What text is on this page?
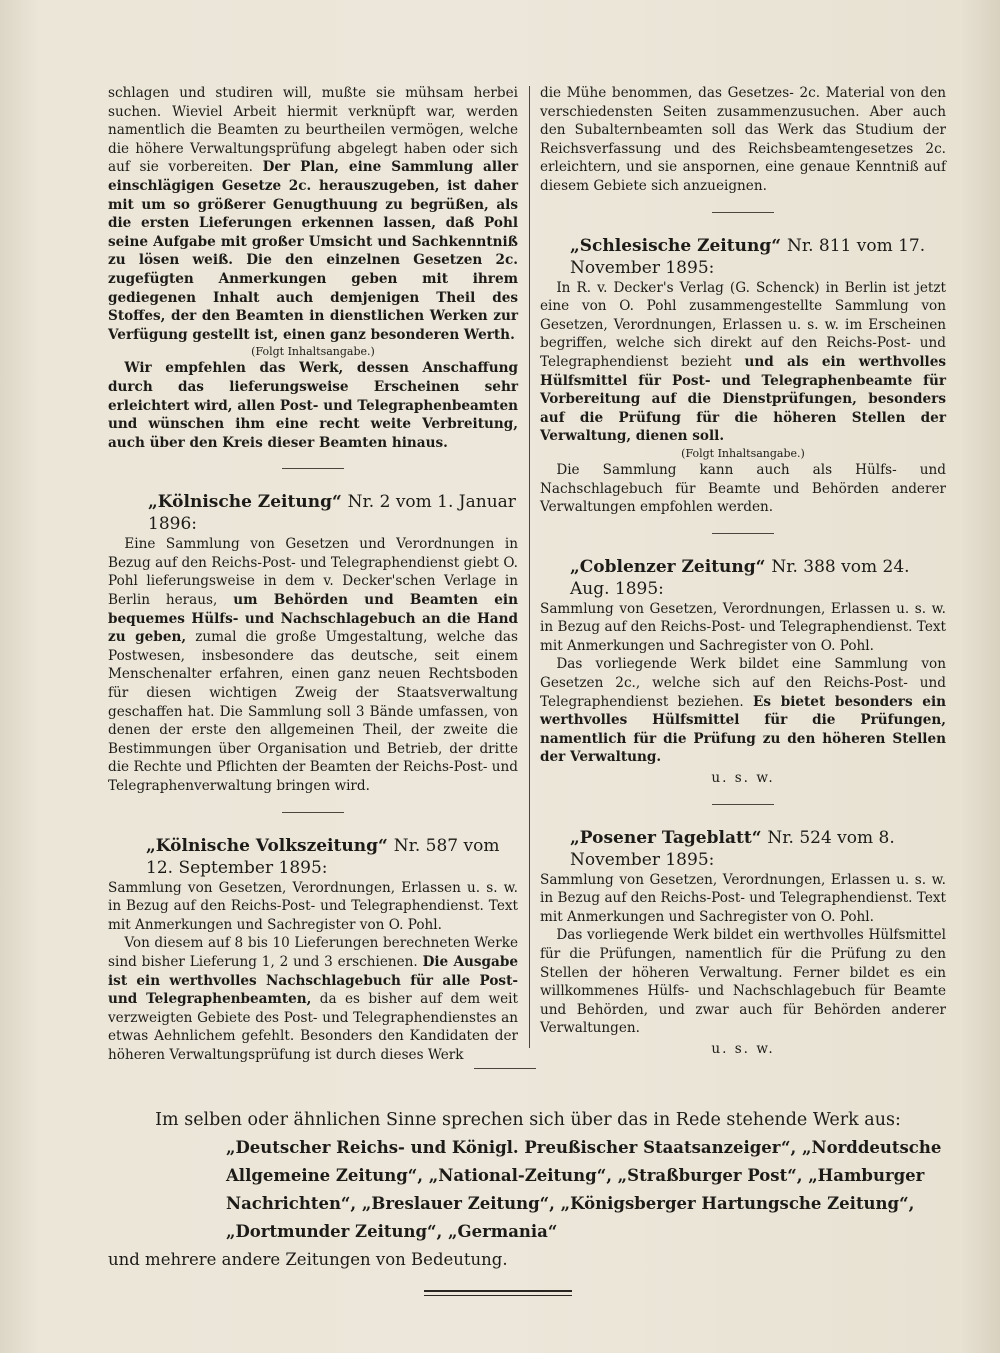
schlagen und studiren will, mußte sie mühsam herbei suchen. Wieviel Arbeit hiermit verknüpft war, werden namentlich die Beamten zu beurtheilen vermögen, welche die höhere Verwaltungsprüfung abgelegt haben oder sich auf sie vorbereiten. Der Plan, eine Sammlung aller einschlägigen Gesetze 2c. herauszugeben, ist daher mit um so größerer Genugthuung zu begrüßen, als die ersten Lieferungen erkennen lassen, daß Pohl seine Aufgabe mit großer Umsicht und Sachkenntniß zu lösen weiß. Die den einzelnen Gesetzen 2c. zugefügten Anmerkungen geben mit ihrem gediegenen Inhalt auch demjenigen Theil des Stoffes, der den Beamten in dienstlichen Werken zur Verfügung gestellt ist, einen ganz besonderen Werth.

(Folgt Inhaltsangabe.)

Wir empfehlen das Werk, dessen Anschaffung durch das lieferungsweise Erscheinen sehr erleichtert wird, allen Post- und Telegraphenbeamten und wünschen ihm eine recht weite Verbreitung, auch über den Kreis dieser Beamten hinaus.

„Kölnische Zeitung“ Nr. 2 vom 1. Januar 1896:

Eine Sammlung von Gesetzen und Verordnungen in Bezug auf den Reichs-Post- und Telegraphendienst giebt O. Pohl lieferungsweise in dem v. Decker'schen Verlage in Berlin heraus, um Behörden und Beamten ein bequemes Hülfs- und Nachschlagebuch an die Hand zu geben, zumal die große Umgestaltung, welche das Postwesen, insbesondere das deutsche, seit einem Menschenalter erfahren, einen ganz neuen Rechtsboden für diesen wichtigen Zweig der Staatsverwaltung geschaffen hat. Die Sammlung soll 3 Bände umfassen, von denen der erste den allgemeinen Theil, der zweite die Bestimmungen über Organisation und Betrieb, der dritte die Rechte und Pflichten der Beamten der Reichs-Post- und Telegraphenverwaltung bringen wird.

„Kölnische Volkszeitung“ Nr. 587 vom 12. September 1895:

Sammlung von Gesetzen, Verordnungen, Erlassen u. s. w. in Bezug auf den Reichs-Post- und Telegraphendienst. Text mit Anmerkungen und Sachregister von O. Pohl.

Von diesem auf 8 bis 10 Lieferungen berechneten Werke sind bisher Lieferung 1, 2 und 3 erschienen. Die Ausgabe ist ein werthvolles Nachschlagebuch für alle Post- und Telegraphenbeamten, da es bisher auf dem weit verzweigten Gebiete des Post- und Telegraphendienstes an etwas Aehnlichem gefehlt. Besonders den Kandidaten der höheren Verwaltungsprüfung ist durch dieses Werk

die Mühe benommen, das Gesetzes- 2c. Material von den verschiedensten Seiten zusammenzusuchen. Aber auch den Subalternbeamten soll das Werk das Studium der Reichsverfassung und des Reichsbeamtengesetzes 2c. erleichtern, und sie anspornen, eine genaue Kenntniß auf diesem Gebiete sich anzueignen.

„Schlesische Zeitung“ Nr. 811 vom 17. November 1895:

In R. v. Decker's Verlag (G. Schenck) in Berlin ist jetzt eine von O. Pohl zusammengestellte Sammlung von Gesetzen, Verordnungen, Erlassen u. s. w. im Erscheinen begriffen, welche sich direkt auf den Reichs-Post- und Telegraphendienst bezieht und als ein werthvolles Hülfsmittel für Post- und Telegraphenbeamte für Vorbereitung auf die Dienstprüfungen, besonders auf die Prüfung für die höheren Stellen der Verwaltung, dienen soll.

(Folgt Inhaltsangabe.)

Die Sammlung kann auch als Hülfs- und Nachschlagebuch für Beamte und Behörden anderer Verwaltungen empfohlen werden.

„Coblenzer Zeitung“ Nr. 388 vom 24. Aug. 1895:

Sammlung von Gesetzen, Verordnungen, Erlassen u. s. w. in Bezug auf den Reichs-Post- und Telegraphendienst. Text mit Anmerkungen und Sachregister von O. Pohl.

Das vorliegende Werk bildet eine Sammlung von Gesetzen 2c., welche sich auf den Reichs-Post- und Telegraphendienst beziehen. Es bietet besonders ein werthvolles Hülfsmittel für die Prüfungen, namentlich für die Prüfung zu den höheren Stellen der Verwaltung.

u. s. w.

„Posener Tageblatt“ Nr. 524 vom 8. November 1895:

Sammlung von Gesetzen, Verordnungen, Erlassen u. s. w. in Bezug auf den Reichs-Post- und Telegraphendienst. Text mit Anmerkungen und Sachregister von O. Pohl.

Das vorliegende Werk bildet ein werthvolles Hülfsmittel für die Prüfungen, namentlich für die Prüfung zu den Stellen der höheren Verwaltung. Ferner bildet es ein willkommenes Hülfs- und Nachschlagebuch für Beamte und Behörden, und zwar auch für Behörden anderer Verwaltungen.

u. s. w.

Im selben oder ähnlichen Sinne sprechen sich über das in Rede stehende Werk aus:
„Deutscher Reichs- und Königl. Preußischer Staatsanzeiger“, „Norddeutsche Allgemeine Zeitung“, „National-Zeitung“, „Straßburger Post“, „Hamburger Nachrichten“, „Breslauer Zeitung“, „Königsberger Hartungsche Zeitung“, „Dortmunder Zeitung“, „Germania“
und mehrere andere Zeitungen von Bedeutung.
